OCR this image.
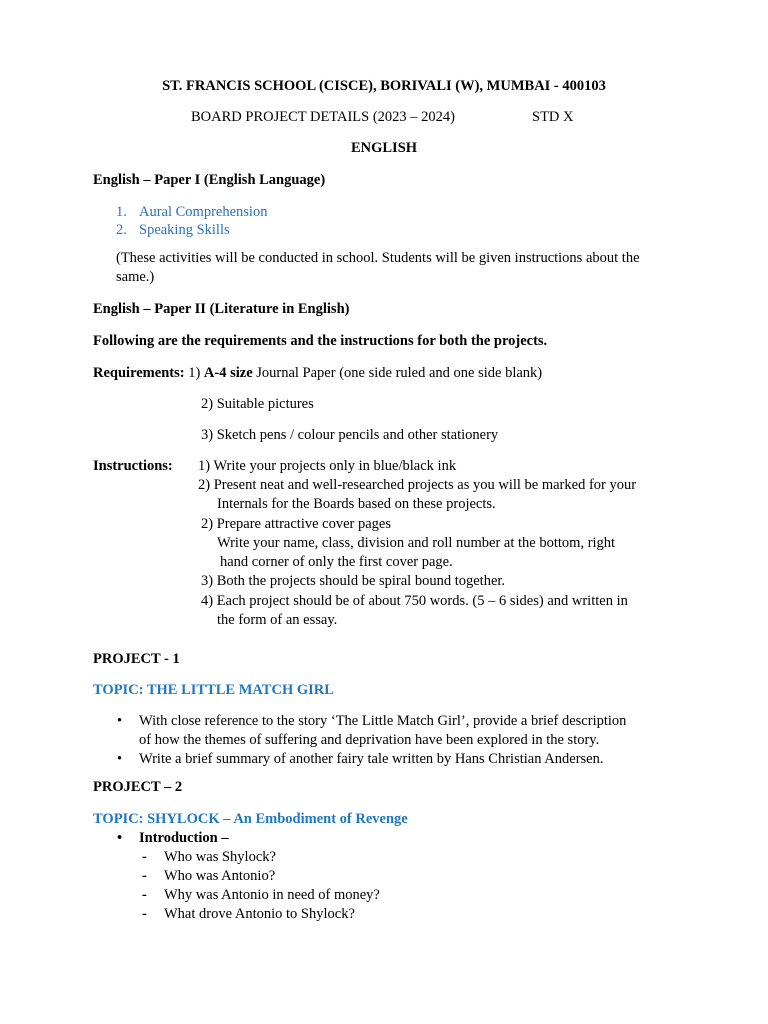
ST. FRANCIS SCHOOL (CISCE), BORIVALI (W), MUMBAI - 400103
BOARD PROJECT DETAILS (2023 – 2024)	STD X
ENGLISH
English – Paper I (English Language)
1. Aural Comprehension
2. Speaking Skills
(These activities will be conducted in school. Students will be given instructions about the
same.)
English – Paper II (Literature in English)
Following are the requirements and the instructions for both the projects.
Requirements: 1) A-4 size Journal Paper (one side ruled and one side blank)
2) Suitable pictures
3) Sketch pens / colour pencils and other stationery
Instructions: 1) Write your projects only in blue/black ink
2) Present neat and well-researched projects as you will be marked for your
Internals for the Boards based on these projects.
2) Prepare attractive cover pages
Write your name, class, division and roll number at the bottom, right
hand corner of only the first cover page.
3) Both the projects should be spiral bound together.
4) Each project should be of about 750 words. (5 – 6 sides) and written in
the form of an essay.
PROJECT - 1
TOPIC: THE LITTLE MATCH GIRL
• With close reference to the story ‘The Little Match Girl’, provide a brief description
of how the themes of suffering and deprivation have been explored in the story.
• Write a brief summary of another fairy tale written by Hans Christian Andersen.
PROJECT – 2
TOPIC: SHYLOCK – An Embodiment of Revenge
• Introduction –
- Who was Shylock?
- Who was Antonio?
- Why was Antonio in need of money?
- What drove Antonio to Shylock?
